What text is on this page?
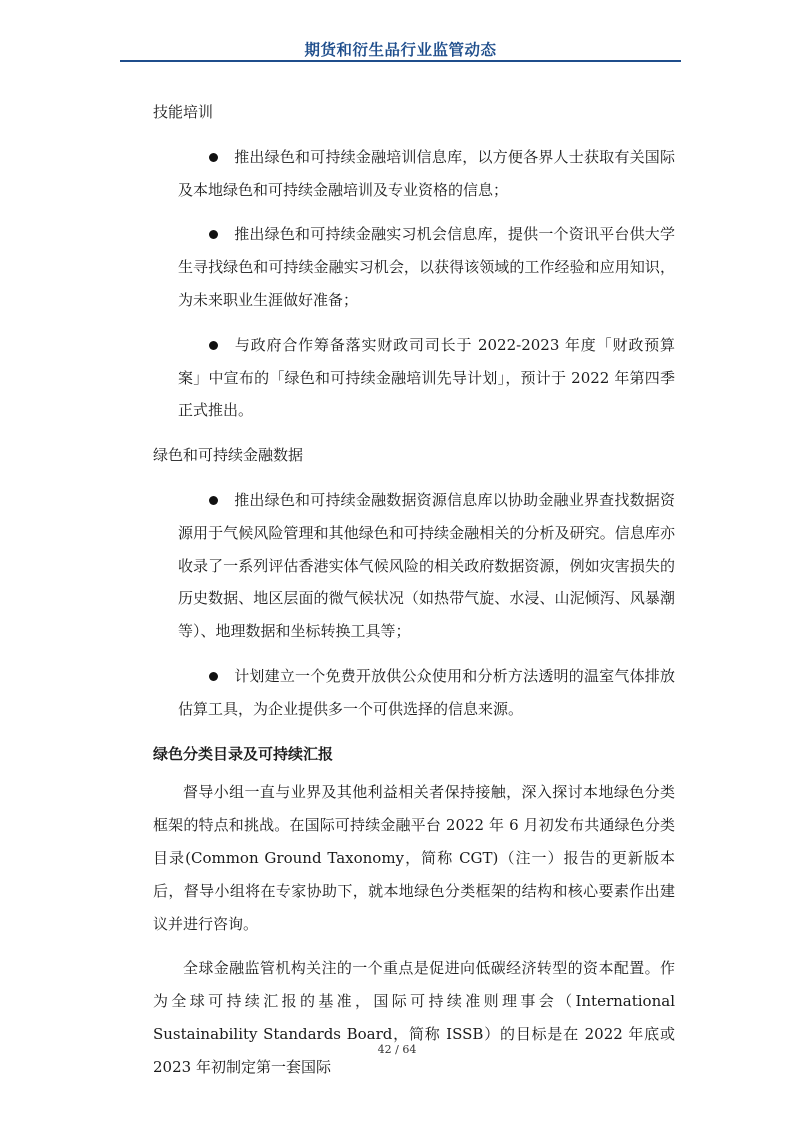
期货和衍生品行业监管动态
技能培训
推出绿色和可持续金融培训信息库，以方便各界人士获取有关国际及本地绿色和可持续金融培训及专业资格的信息；
推出绿色和可持续金融实习机会信息库，提供一个资讯平台供大学生寻找绿色和可持续金融实习机会，以获得该领域的工作经验和应用知识，为未来职业生涯做好准备；
与政府合作筹备落实财政司司长于 2022-2023 年度「财政预算案」中宣布的「绿色和可持续金融培训先导计划」，预计于 2022 年第四季正式推出。
绿色和可持续金融数据
推出绿色和可持续金融数据资源信息库以协助金融业界查找数据资源用于气候风险管理和其他绿色和可持续金融相关的分析及研究。信息库亦收录了一系列评估香港实体气候风险的相关政府数据资源，例如灾害损失的历史数据、地区层面的微气候状况（如热带气旋、水浸、山泥倾泻、风暴潮等）、地理数据和坐标转换工具等；
计划建立一个免费开放供公众使用和分析方法透明的温室气体排放估算工具，为企业提供多一个可供选择的信息来源。
绿色分类目录及可持续汇报
督导小组一直与业界及其他利益相关者保持接触，深入探讨本地绿色分类框架的特点和挑战。在国际可持续金融平台 2022 年 6 月初发布共通绿色分类目录(Common Ground Taxonomy，简称 CGT)（注一）报告的更新版本后，督导小组将在专家协助下，就本地绿色分类框架的结构和核心要素作出建议并进行咨询。
全球金融监管机构关注的一个重点是促进向低碳经济转型的资本配置。作为全球可持续汇报的基准，国际可持续准则理事会（International Sustainability Standards Board，简称 ISSB）的目标是在 2022 年底或 2023 年初制定第一套国际
42 / 64
